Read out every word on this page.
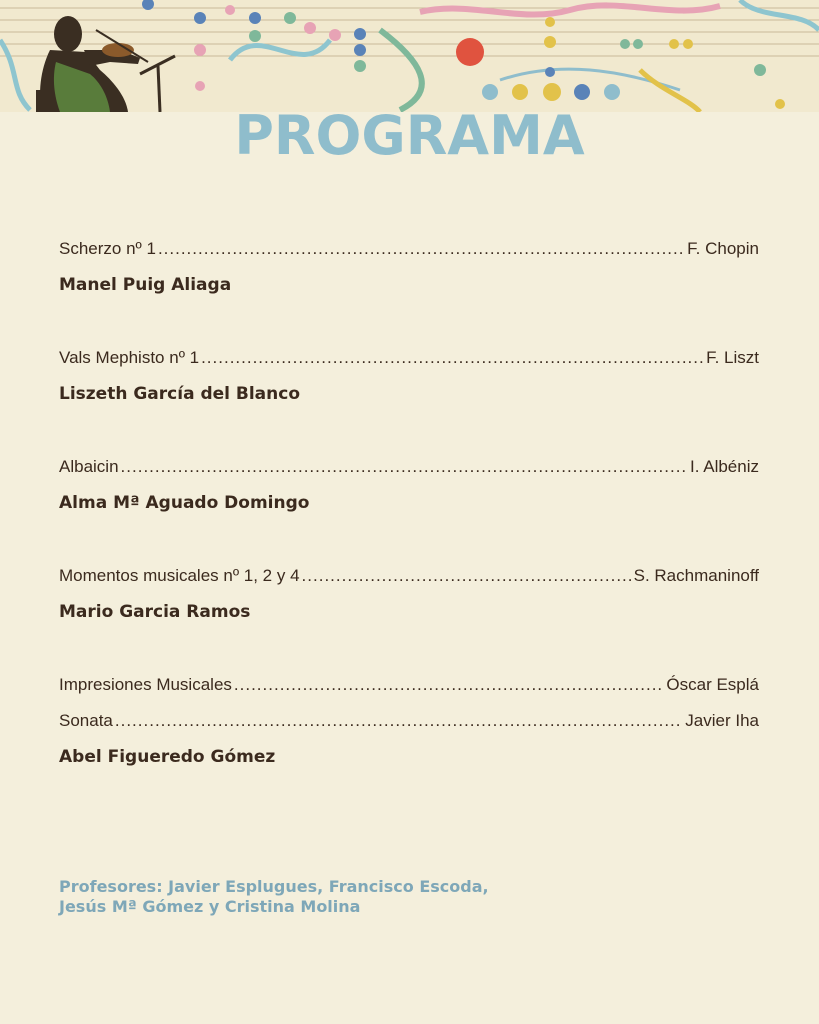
PROGRAMA
Scherzo nº 1 .....	F. Chopin
Manel Puig Aliaga
Vals Mephisto nº 1 .....	F. Liszt
Liszeth García del Blanco
Albaicin .....	I. Albéniz
Alma Mª Aguado Domingo
Momentos musicales nº 1, 2 y 4 .....	S. Rachmaninoff
Mario Garcia Ramos
Impresiones Musicales .....	Óscar Esplá
Sonata .....	Javier Iha
Abel Figueredo Gómez
Profesores: Javier Esplugues, Francisco Escoda,
Jesús Mª Gómez y Cristina Molina
